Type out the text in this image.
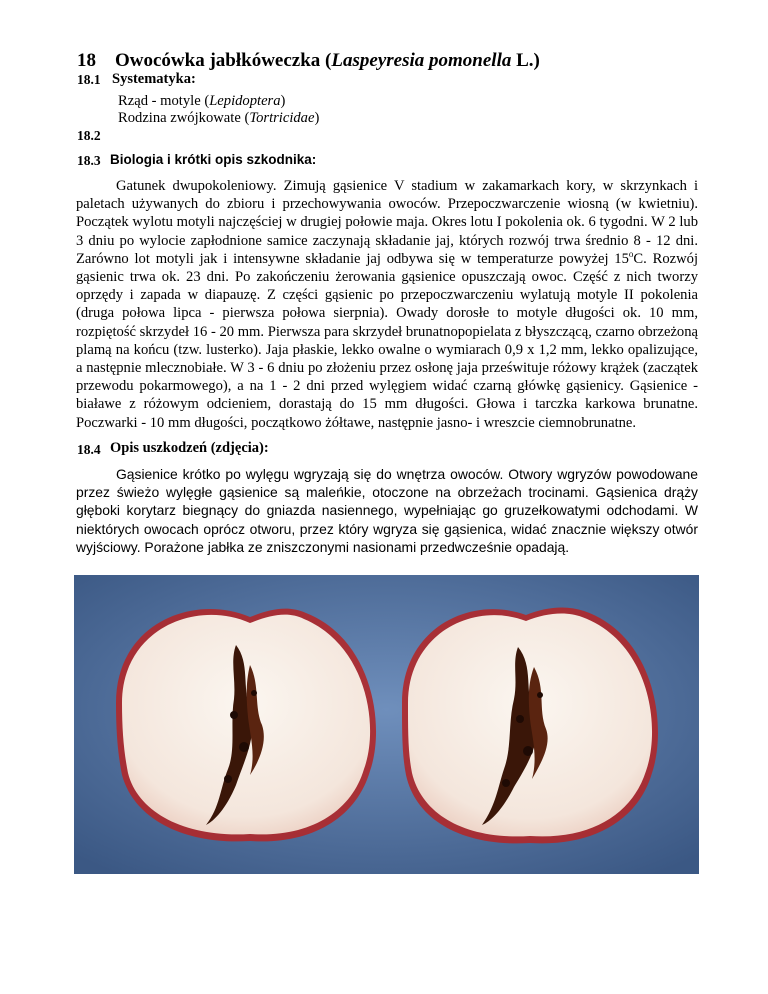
18 Owocówka jabłkóweczka (Laspeyresia pomonella L.)
18.1 Systematyka:
Rząd - motyle (Lepidoptera)
Rodzina zwójkowate (Tortricidae)
18.2
18.3 Biologia i krótki opis szkodnika:
Gatunek dwupokoleniowy. Zimują gąsienice V stadium w zakamarkach kory, w skrzynkach i paletach używanych do zbioru i przechowywania owoców. Przepoczwarczenie wiosną (w kwietniu). Początek wylotu motyli najczęściej w drugiej połowie maja. Okres lotu I pokolenia ok. 6 tygodni. W 2 lub 3 dniu po wylocie zapłodnione samice zaczynają składanie jaj, których rozwój trwa średnio 8 - 12 dni. Zarówno lot motyli jak i intensywne składanie jaj odbywa się w temperaturze powyżej 15$^o$C. Rozwój gąsienic trwa ok. 23 dni. Po zakończeniu żerowania gąsienice opuszczają owoc. Część z nich tworzy oprzędy i zapada w diapauzę. Z części gąsienic po przepoczwarczeniu wylatują motyle II pokolenia (druga połowa lipca - pierwsza połowa sierpnia). Owady dorosłe to motyle długości ok. 10 mm, rozpiętość skrzydeł 16 - 20 mm. Pierwsza para skrzydeł brunatnopopielata z błyszczącą, czarno obrzeżoną plamą na końcu (tzw. lusterko). Jaja płaskie, lekko owalne o wymiarach 0,9 x 1,2 mm, lekko opalizujące, a następnie mlecznobiałe. W 3 - 6 dniu po złożeniu przez osłonę jaja prześwituje różowy krążek (zaczątek przewodu pokarmowego), a na 1 - 2 dni przed wylęgiem widać czarną główkę gąsienicy. Gąsienice - białawe z różowym odcieniem, dorastają do 15 mm długości. Głowa i tarczka karkowa brunatne. Poczwarki - 10 mm długości, początkowo żółtawe, następnie jasno- i wreszcie ciemnobrunatne.
18.4 Opis uszkodzeń (zdjęcia):
Gąsienice krótko po wylęgu wgryzają się do wnętrza owoców. Otwory wgryzów powodowane przez świeżo wylęgłe gąsienice są maleńkie, otoczone na obrzeżach trocinami. Gąsienica drąży głęboki korytarz biegnący do gniazda nasiennego, wypełniając go gruzełkowatymi odchodami. W niektórych owocach oprócz otworu, przez który wgryza się gąsienica, widać znacznie większy otwór wyjściowy. Porażone jabłka ze zniszczonymi nasionami przedwcześnie opadają.
